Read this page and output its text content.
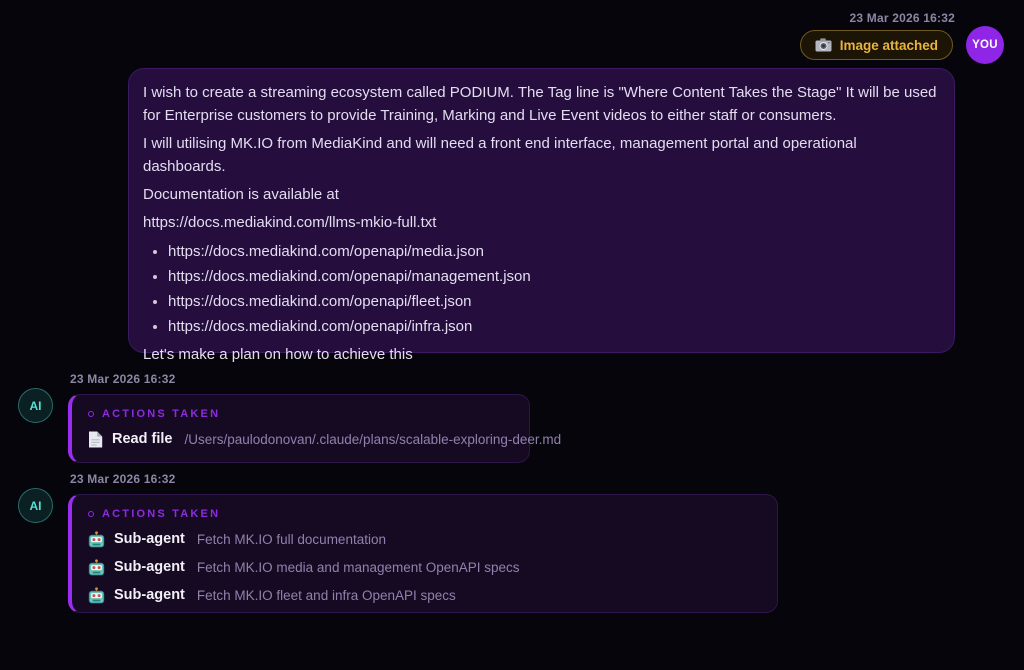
23 Mar 2026 16:32
Image attached	YOU

I wish to create a streaming ecosystem called PODIUM. The Tag line is "Where Content Takes the Stage" It will be used for Enterprise customers to provide Training, Marking and Live Event videos to either staff or consumers.

I will utilising MK.IO from MediaKind and will need a front end interface, management portal and operational dashboards.

Documentation is available at

https://docs.mediakind.com/llms-mkio-full.txt

https://docs.mediakind.com/openapi/media.json
https://docs.mediakind.com/openapi/management.json
https://docs.mediakind.com/openapi/fleet.json
https://docs.mediakind.com/openapi/infra.json

Let's make a plan on how to achieve this

23 Mar 2026 16:32
AI
ACTIONS TAKEN
Read file /Users/paulodonovan/.claude/plans/scalable-exploring-deer.md
23 Mar 2026 16:32
AI
ACTIONS TAKEN
Sub-agent Fetch MK.IO full documentation
Sub-agent Fetch MK.IO media and management OpenAPI specs
Sub-agent Fetch MK.IO fleet and infra OpenAPI specs
